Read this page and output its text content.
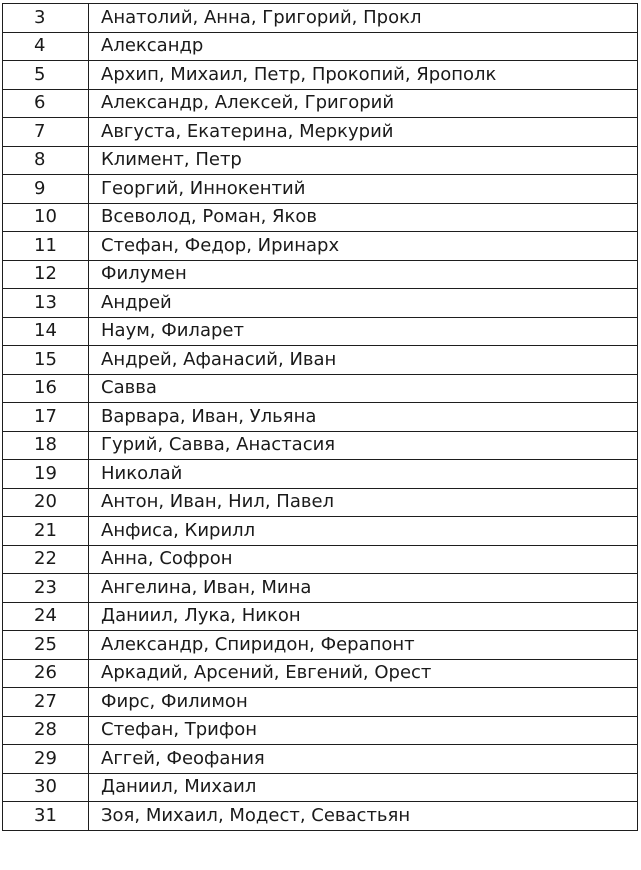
3	Анатолий, Анна, Григорий, Прокл
4	Александр
5	Архип, Михаил, Петр, Прокопий, Ярополк
6	Александр, Алексей, Григорий
7	Августа, Екатерина, Меркурий
8	Климент, Петр
9	Георгий, Иннокентий
10	Всеволод, Роман, Яков
11	Стефан, Федор, Иринарх
12	Филумен
13	Андрей
14	Наум, Филарет
15	Андрей, Афанасий, Иван
16	Савва
17	Варвара, Иван, Ульяна
18	Гурий, Савва, Анастасия
19	Николай
20	Антон, Иван, Нил, Павел
21	Анфиса, Кирилл
22	Анна, Софрон
23	Ангелина, Иван, Мина
24	Даниил, Лука, Никон
25	Александр, Спиридон, Ферапонт
26	Аркадий, Арсений, Евгений, Орест
27	Фирс, Филимон
28	Стефан, Трифон
29	Аггей, Феофания
30	Даниил, Михаил
31	Зоя, Михаил, Модест, Севастьян
